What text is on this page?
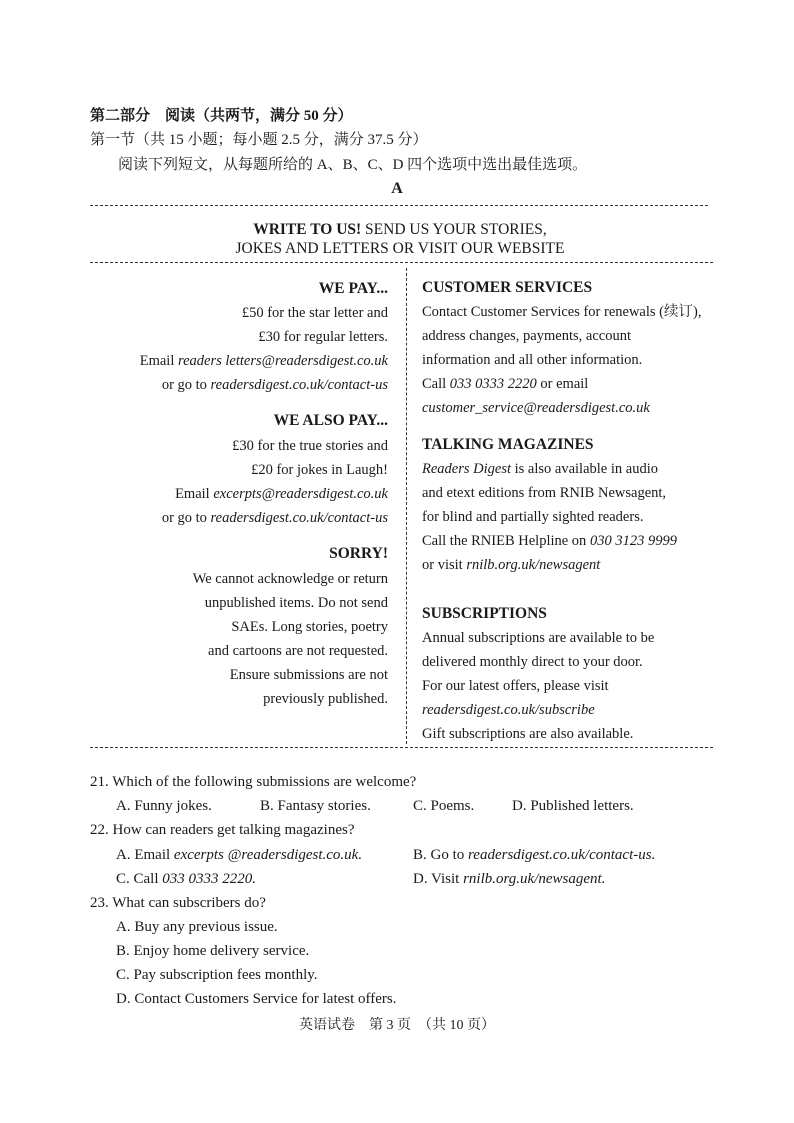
第二部分　阅读（共两节，满分 50 分）
第一节（共 15 小题；每小题 2.5 分，满分 37.5 分）
阅读下列短文，从每题所给的 A、B、C、D 四个选项中选出最佳选项。
A
WRITE TO US! SEND US YOUR STORIES,
JOKES AND LETTERS OR VISIT OUR WEBSITE
WE PAY...
£50 for the star letter and
£30 for regular letters.
Email readers letters@readersdigest.co.uk
or go to readersdigest.co.uk/contact-us
WE ALSO PAY...
£30 for the true stories and
£20 for jokes in Laugh!
Email excerpts@readersdigest.co.uk
or go to readersdigest.co.uk/contact-us
SORRY!
We cannot acknowledge or return
unpublished items. Do not send
SAEs. Long stories, poetry
and cartoons are not requested.
Ensure submissions are not
previously published.
CUSTOMER SERVICES
Contact Customer Services for renewals (续订),
address changes, payments, account
information and all other information.
Call 033 0333 2220 or email
customer_service@readersdigest.co.uk
TALKING MAGAZINES
Readers Digest is also available in audio
and etext editions from RNIB Newsagent,
for blind and partially sighted readers.
Call the RNIEB Helpline on 030 3123 9999
or visit rnilb.org.uk/newsagent
SUBSCRIPTIONS
Annual subscriptions are available to be
delivered monthly direct to your door.
For our latest offers, please visit
readersdigest.co.uk/subscribe
Gift subscriptions are also available.
21. Which of the following submissions are welcome?
A. Funny jokes.	B. Fantasy stories.	C. Poems.	D. Published letters.
22. How can readers get talking magazines?
A. Email excerpts @readersdigest.co.uk.	B. Go to readersdigest.co.uk/contact-us.
C. Call 033 0333 2220.	D. Visit rnilb.org.uk/newsagent.
23. What can subscribers do?
A. Buy any previous issue.
B. Enjoy home delivery service.
C. Pay subscription fees monthly.
D. Contact Customers Service for latest offers.
英语试卷　第 3 页　（共 10 页）
